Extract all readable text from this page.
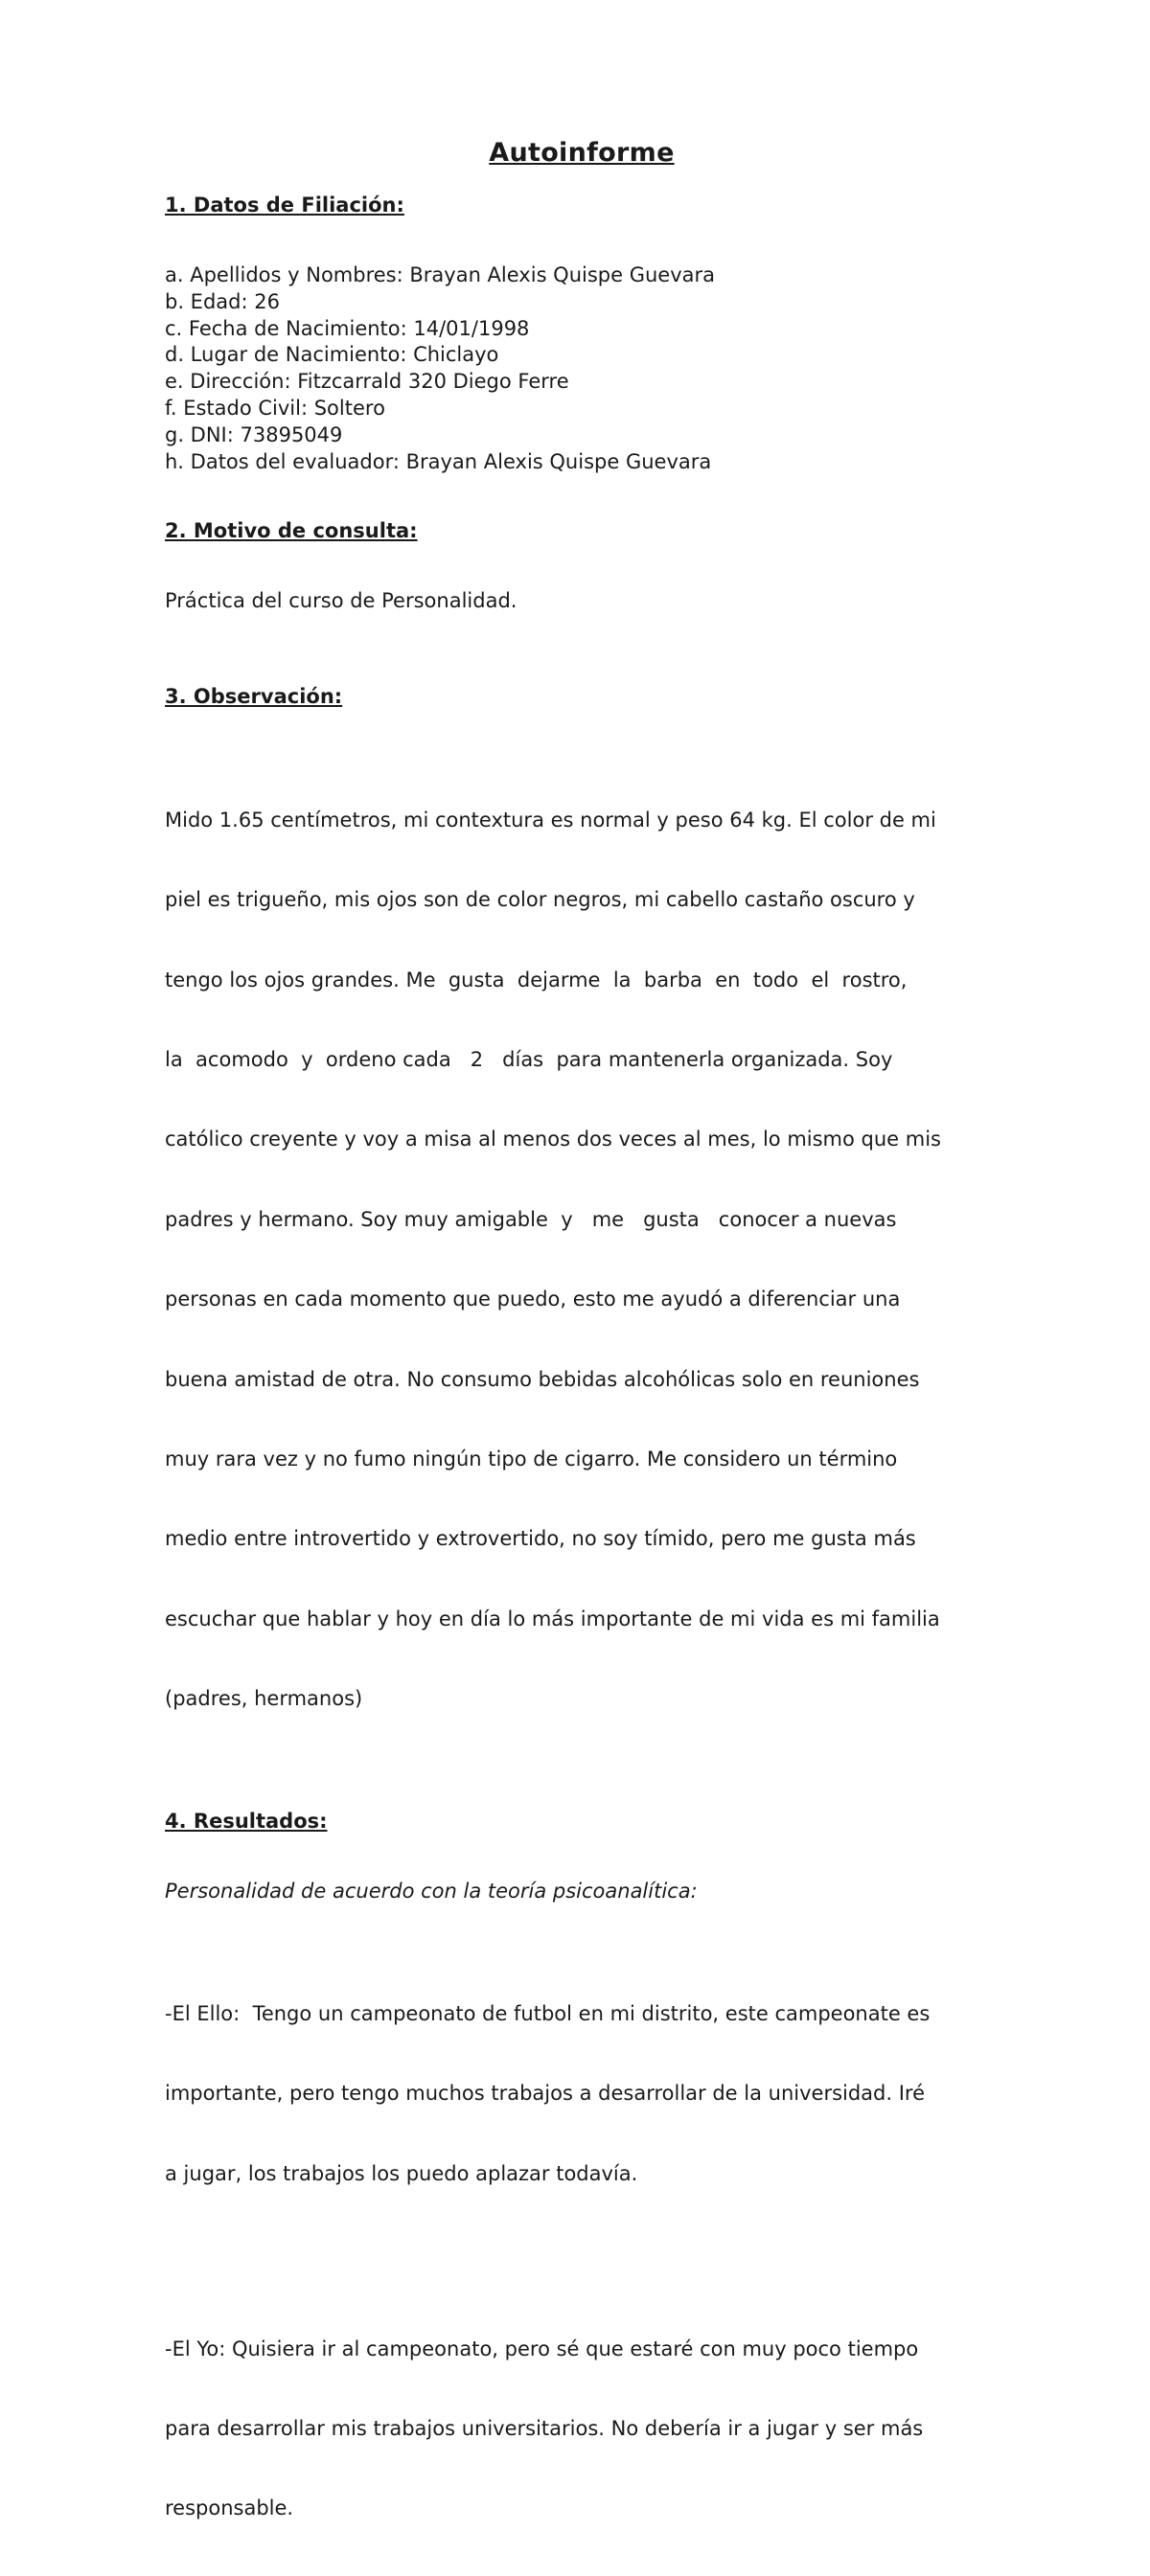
Autoinforme
1. Datos de Filiación:
a. Apellidos y Nombres: Brayan Alexis Quispe Guevara
b. Edad: 26
c. Fecha de Nacimiento: 14/01/1998
d. Lugar de Nacimiento: Chiclayo
e. Dirección: Fitzcarrald 320 Diego Ferre
f. Estado Civil: Soltero
g. DNI: 73895049
h. Datos del evaluador: Brayan Alexis Quispe Guevara
2. Motivo de consulta:

Práctica del curso de Personalidad.

3. Observación:

Mido 1.65 centímetros, mi contextura es normal y peso 64 kg. El color de mi

piel es trigueño, mis ojos son de color negros, mi cabello castaño oscuro y

tengo los ojos grandes. Me  gusta  dejarme  la  barba  en  todo  el  rostro,

la  acomodo  y  ordeno cada   2   días  para mantenerla organizada. Soy

católico creyente y voy a misa al menos dos veces al mes, lo mismo que mis

padres y hermano. Soy muy amigable  y   me   gusta   conocer a nuevas

personas en cada momento que puedo, esto me ayudó a diferenciar una

buena amistad de otra. No consumo bebidas alcohólicas solo en reuniones

muy rara vez y no fumo ningún tipo de cigarro. Me considero un término

medio entre introvertido y extrovertido, no soy tímido, pero me gusta más

escuchar que hablar y hoy en día lo más importante de mi vida es mi familia

(padres, hermanos)

4. Resultados:

Personalidad de acuerdo con la teoría psicoanalítica:

-El Ello:  Tengo un campeonato de futbol en mi distrito, este campeonate es

importante, pero tengo muchos trabajos a desarrollar de la universidad. Iré

a jugar, los trabajos los puedo aplazar todavía.

-El Yo: Quisiera ir al campeonato, pero sé que estaré con muy poco tiempo

para desarrollar mis trabajos universitarios. No debería ir a jugar y ser más

responsable.
